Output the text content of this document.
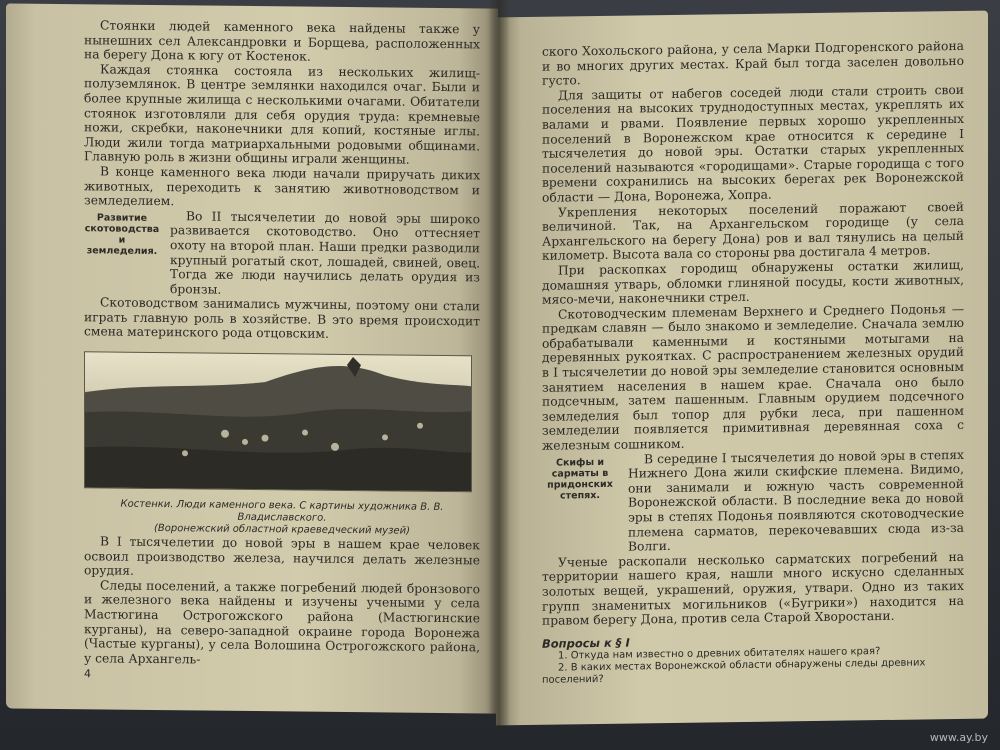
Стоянки людей каменного века найдены также у нынешних сел Александровки и Борщева, расположенных на берегу Дона к югу от Костенок.

Каждая стоянка состояла из нескольких жилищ-полуземлянок. В центре землянки находился очаг. Были и более крупные жилища с несколькими очагами. Обитатели стоянок изготовляли для себя орудия труда: кремневые ножи, скребки, наконечники для копий, костяные иглы. Люди жили тогда матриархальными родовыми общинами. Главную роль в жизни общины играли женщины.

В конце каменного века люди начали приручать диких животных, переходить к занятию животноводством и земледелием.

Развитие скотоводства и земледелия.

Во II тысячелетии до новой эры широко развивается скотоводство. Оно оттесняет охоту на второй план. Наши предки разводили крупный рогатый скот, лошадей, свиней, овец. Тогда же люди научились делать орудия из бронзы.

Скотоводством занимались мужчины, поэтому они стали играть главную роль в хозяйстве. В это время происходит смена материнского рода отцовским.

Костенки. Люди каменного века. С картины художника В. В. Владиславского.
(Воронежский областной краеведческий музей)

В I тысячелетии до новой эры в нашем крае человек освоил производство железа, научился делать железные орудия.

Следы поселений, а также погребений людей бронзового и железного века найдены и изучены учеными у села Мастюгина Острогожского района (Мастюгинские курганы), на северо-западной окраине города Воронежа (Частые курганы), у села Волошина Острогожского района, у села Архангель-

4

ского Хохольского района, у села Марки Подгоренского района и во многих других местах. Край был тогда заселен довольно густо.

Для защиты от набегов соседей люди стали строить свои поселения на высоких труднодоступных местах, укреплять их валами и рвами. Появление первых хорошо укрепленных поселений в Воронежском крае относится к середине I тысячелетия до новой эры. Остатки старых укрепленных поселений называются «городищами». Старые городища с того времени сохранились на высоких берегах рек Воронежской области — Дона, Воронежа, Хопра.

Укрепления некоторых поселений поражают своей величиной. Так, на Архангельском городище (у села Архангельского на берегу Дона) ров и вал тянулись на целый километр. Высота вала со стороны рва достигала 4 метров.

При раскопках городищ обнаружены остатки жилищ, домашняя утварь, обломки глиняной посуды, кости животных, мясо-мечи, наконечники стрел.

Скотоводческим племенам Верхнего и Среднего Подонья — предкам славян — было знакомо и земледелие. Сначала землю обрабатывали каменными и костяными мотыгами на деревянных рукоятках. С распространением железных орудий в I тысячелетии до новой эры земледелие становится основным занятием населения в нашем крае. Сначала оно было подсечным, затем пашенным. Главным орудием подсечного земледелия был топор для рубки леса, при пашенном земледелии появляется примитивная деревянная соха с железным сошником.

Скифы и сарматы в придонских степях.

В середине I тысячелетия до новой эры в степях Нижнего Дона жили скифские племена. Видимо, они занимали и южную часть современной Воронежской области. В последние века до новой эры в степях Подонья появляются скотоводческие племена сарматов, перекочевавших сюда из-за Волги.

Ученые раскопали несколько сарматских погребений на территории нашего края, нашли много искусно сделанных золотых вещей, украшений, оружия, утвари. Одно из таких групп знаменитых могильников («Бугрики») находится на правом берегу Дона, против села Старой Хворостани.

Вопросы к § I
1. Откуда нам известно о древних обитателях нашего края?
2. В каких местах Воронежской области обнаружены следы древних поселений?
www.ay.by
